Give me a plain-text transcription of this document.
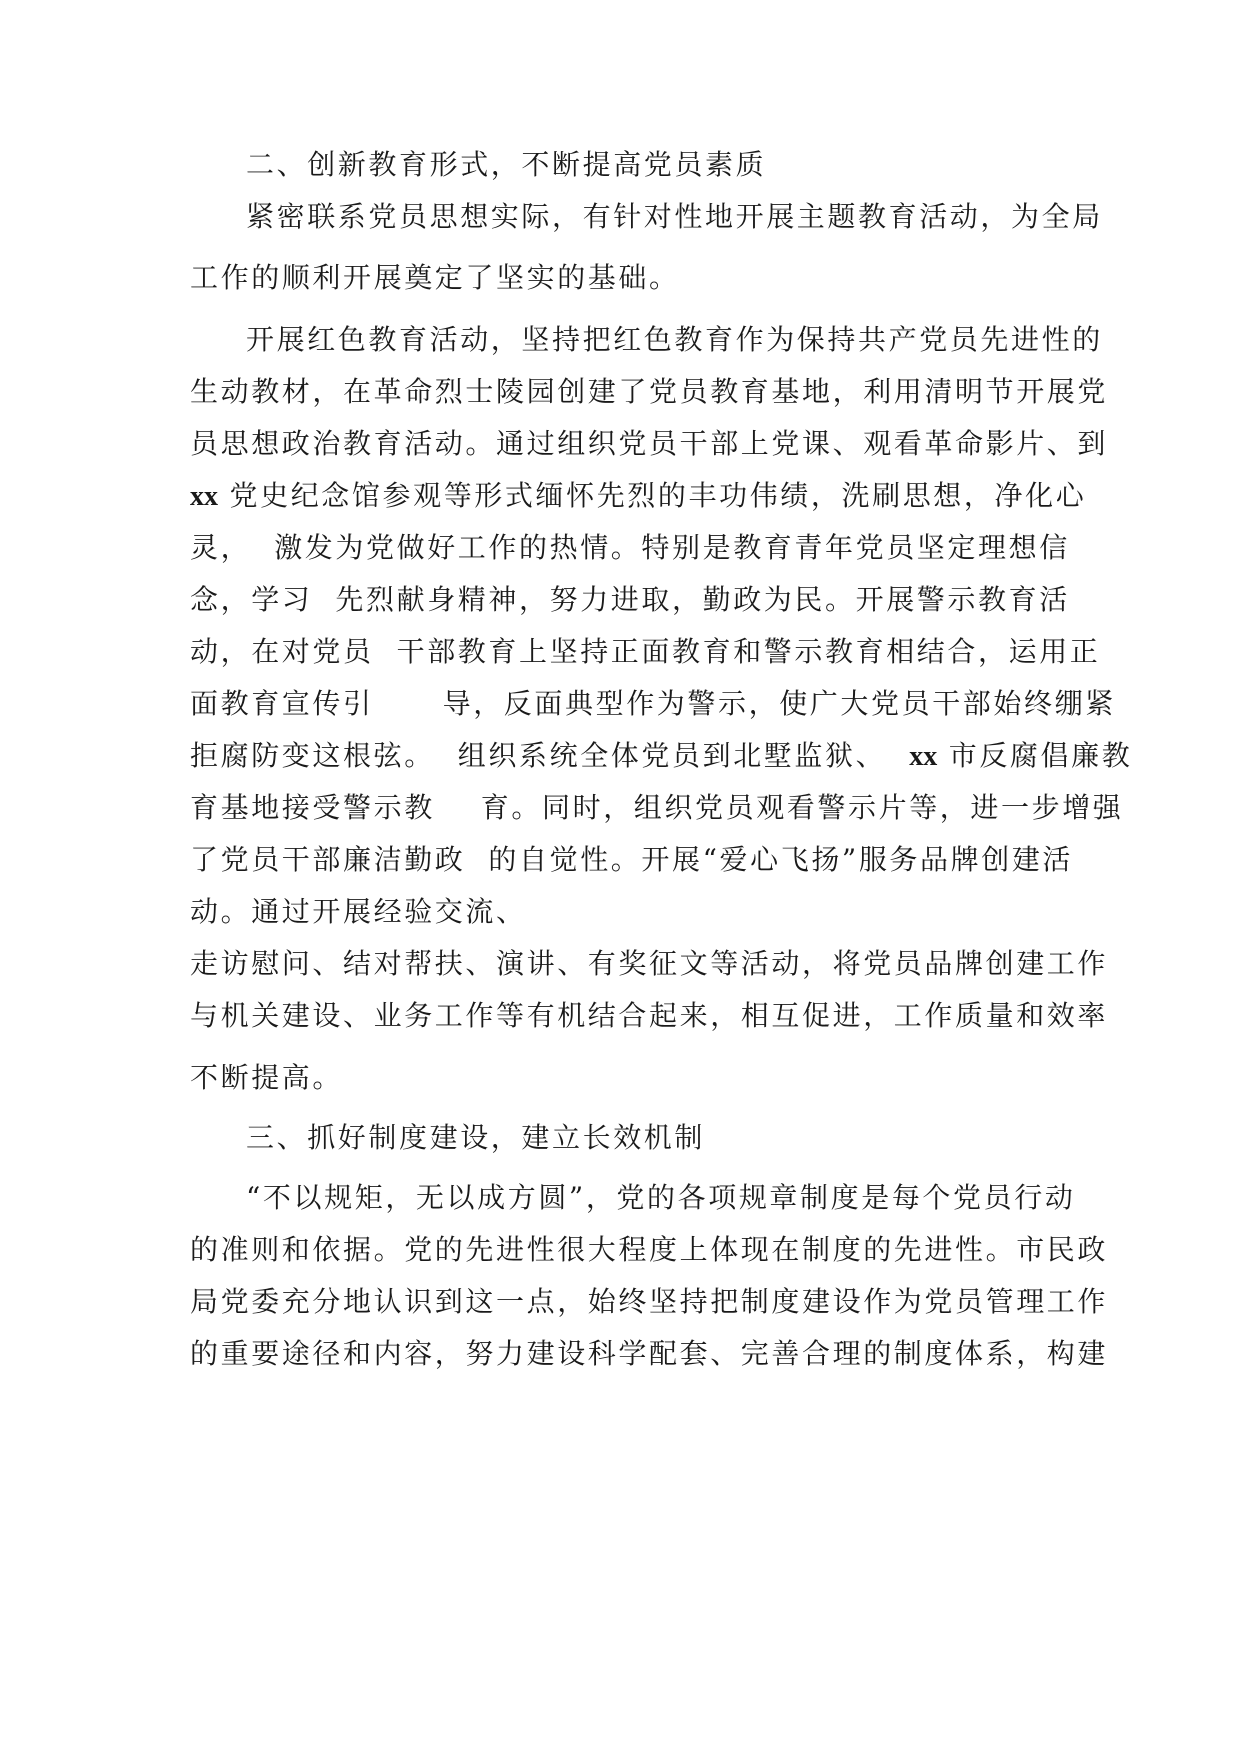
二、创新教育形式，不断提高党员素质
紧密联系党员思想实际，有针对性地开展主题教育活动，为全局
工作的顺利开展奠定了坚实的基础。
开展红色教育活动，坚持把红色教育作为保持共产党员先进性的
生动教材，在革命烈士陵园创建了党员教育基地，利用清明节开展党
员思想政治教育活动。通过组织党员干部上党课、观看革命影片、到
xx 党史纪念馆参观等形式缅怀先烈的丰功伟绩，洗刷思想，净化心
灵，  激发为党做好工作的热情。特别是教育青年党员坚定理想信
念，学习  先烈献身精神，努力进取，勤政为民。开展警示教育活
动，在对党员  干部教育上坚持正面教育和警示教育相结合，运用正
面教育宣传引      导，反面典型作为警示，使广大党员干部始终绷紧
拒腐防变这根弦。  组织系统全体党员到北墅监狱、  xx 市反腐倡廉教
育基地接受警示教    育。同时，组织党员观看警示片等，进一步增强
了党员干部廉洁勤政  的自觉性。开展“爱心飞扬”服务品牌创建活
动。通过开展经验交流、
走访慰问、结对帮扶、演讲、有奖征文等活动，将党员品牌创建工作
与机关建设、业务工作等有机结合起来，相互促进，工作质量和效率
不断提高。
三、抓好制度建设，建立长效机制
“不以规矩，无以成方圆”，党的各项规章制度是每个党员行动
的准则和依据。党的先进性很大程度上体现在制度的先进性。市民政
局党委充分地认识到这一点，始终坚持把制度建设作为党员管理工作
的重要途径和内容，努力建设科学配套、完善合理的制度体系，构建
